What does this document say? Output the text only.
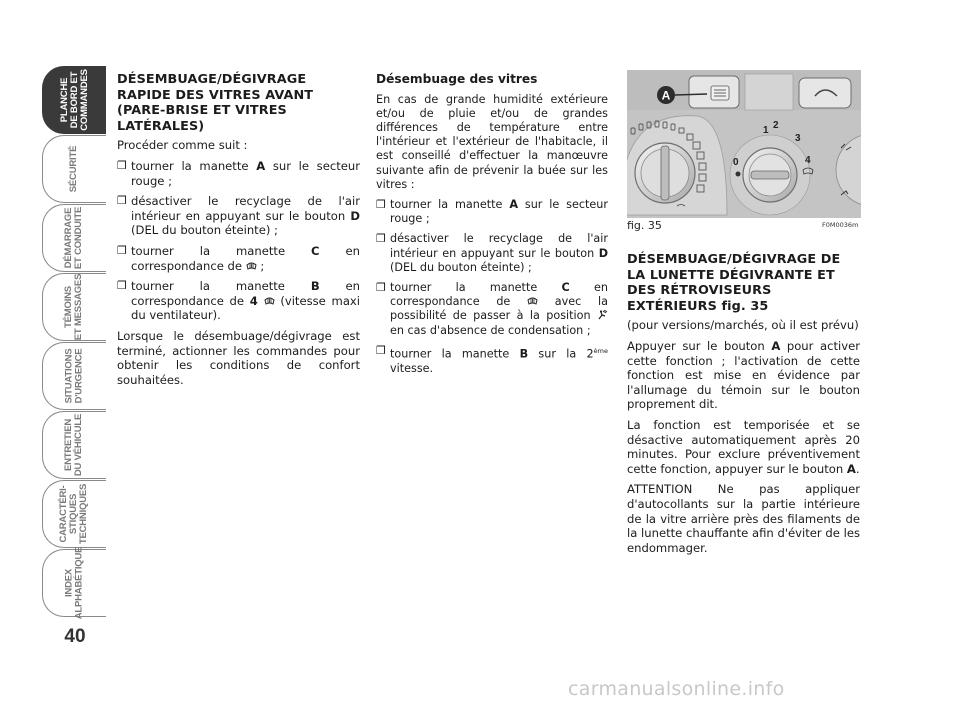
PLANCHE
DE BORD ET
COMMANDES
SÉCURITÉ
DÉMARRAGE
ET CONDUITE
TÉMOINS
ET MESSAGES
SITUATIONS
D'URGENCE
ENTRETIEN
DU VÉHICULE
CARACTÉRI-
STIQUES
TECHNIQUES
INDEX
ALPHABÉTIQUE
40
DÉSEMBUAGE/DÉGIVRAGE RAPIDE DES VITRES AVANT (PARE-BRISE ET VITRES LATÉRALES)

Procéder comme suit :

❒ tourner la manette A sur le secteur rouge ;
❒ désactiver le recyclage de l'air intérieur en appuyant sur le bouton D (DEL du bouton éteinte) ;
❒ tourner la manette C en correspondance de  ;
❒ tourner la manette B en correspondance de 4  (vitesse maxi du ventilateur).

Lorsque le désembuage/dégivrage est terminé, actionner les commandes pour obtenir les conditions de confort souhaitées.

Désembuage des vitres

En cas de grande humidité extérieure et/ou de pluie et/ou de grandes différences de température entre l'intérieur et l'extérieur de l'habitacle, il est conseillé d'effectuer la manœuvre suivante afin de prévenir la buée sur les vitres :

❒ tourner la manette A sur le secteur rouge ;
❒ désactiver le recyclage de l'air intérieur en appuyant sur le bouton D (DEL du bouton éteinte) ;
❒ tourner la manette C en correspondance de  avec la possibilité de passer à la position  en cas d'absence de condensation ;
❒ tourner la manette B sur la 2ème vitesse.
A
1 2
3
0	4
fig. 35	F0M0036m
DÉSEMBUAGE/DÉGIVRAGE DE LA LUNETTE DÉGIVRANTE ET DES RÉTROVISEURS EXTÉRIEURS fig. 35

(pour versions/marchés, où il est prévu)

Appuyer sur le bouton A pour activer cette fonction ; l'activation de cette fonction est mise en évidence par l'allumage du témoin sur le bouton proprement dit.

La fonction est temporisée et se désactive automatiquement après 20 minutes. Pour exclure préventivement cette fonction, appuyer sur le bouton A.

ATTENTION Ne pas appliquer d'autocollants sur la partie intérieure de la vitre arrière près des filaments de la lunette chauffante afin d'éviter de les endommager.

carmanualsonline.info
